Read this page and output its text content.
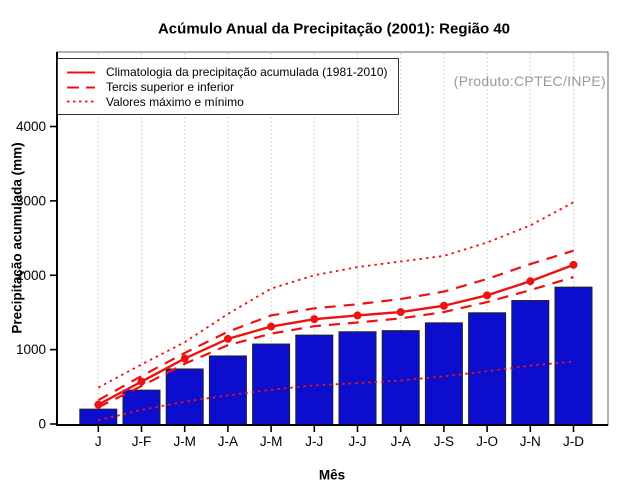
0
1000
2000
3000
4000
J J-F J-M J-A J-M J-J J-J J-A J-S J-O J-N J-D
Acúmulo Anual da Precipitação (2001): Região 40
Precipitação acumulada (mm)
Mês
(Produto:CPTEC/INPE)
Climatologia da precipitação acumulada (1981-2010)
Tercis superior e inferior
Valores máximo e mínimo
